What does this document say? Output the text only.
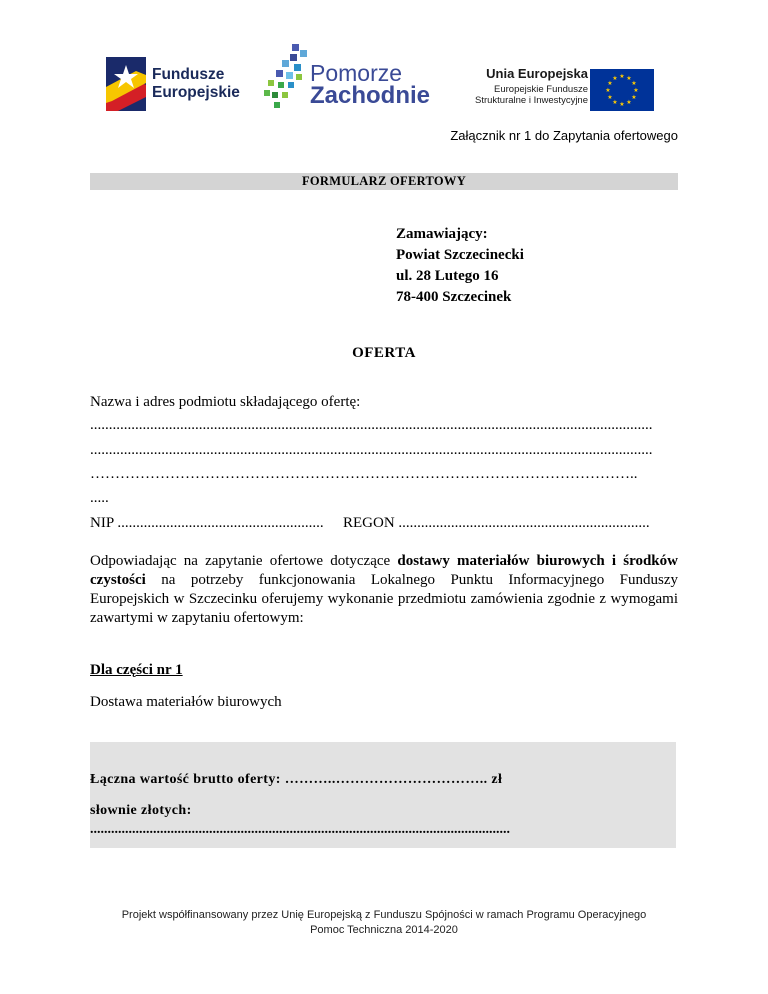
Fundusze
Europejskie
Pomorze
Zachodnie
Unia Europejska
Europejskie Fundusze
Strukturalne i Inwestycyjne
★ ★
★
★
★
★
★
★
★
★
★
★
Załącznik nr 1 do Zapytania ofertowego
FORMULARZ OFERTOWY
Zamawiający:
Powiat Szczecinecki
ul. 28 Lutego 16
78-400 Szczecinek
OFERTA
Nazwa i adres podmiotu składającego ofertę:
......................................................................................................................................................
......................................................................................................................................................
………………………………………………………………………………………………..
.....
NIP ....................................................... REGON ...................................................................
Odpowiadając na zapytanie ofertowe dotyczące dostawy materiałów biurowych i środków czystości na potrzeby funkcjonowania Lokalnego Punktu Informacyjnego Funduszy Europejskich w Szczecinku oferujemy wykonanie przedmiotu zamówienia zgodnie z wymogami zawartymi w zapytaniu ofertowym:
Dla części nr 1
Dostawa materiałów biurowych
Łączna wartość brutto oferty: ………..………………………….. zł
słownie złotych:
........................................................................................................................
Projekt współfinansowany przez Unię Europejską z Funduszu Spójności w ramach Programu Operacyjnego
Pomoc Techniczna 2014-2020
